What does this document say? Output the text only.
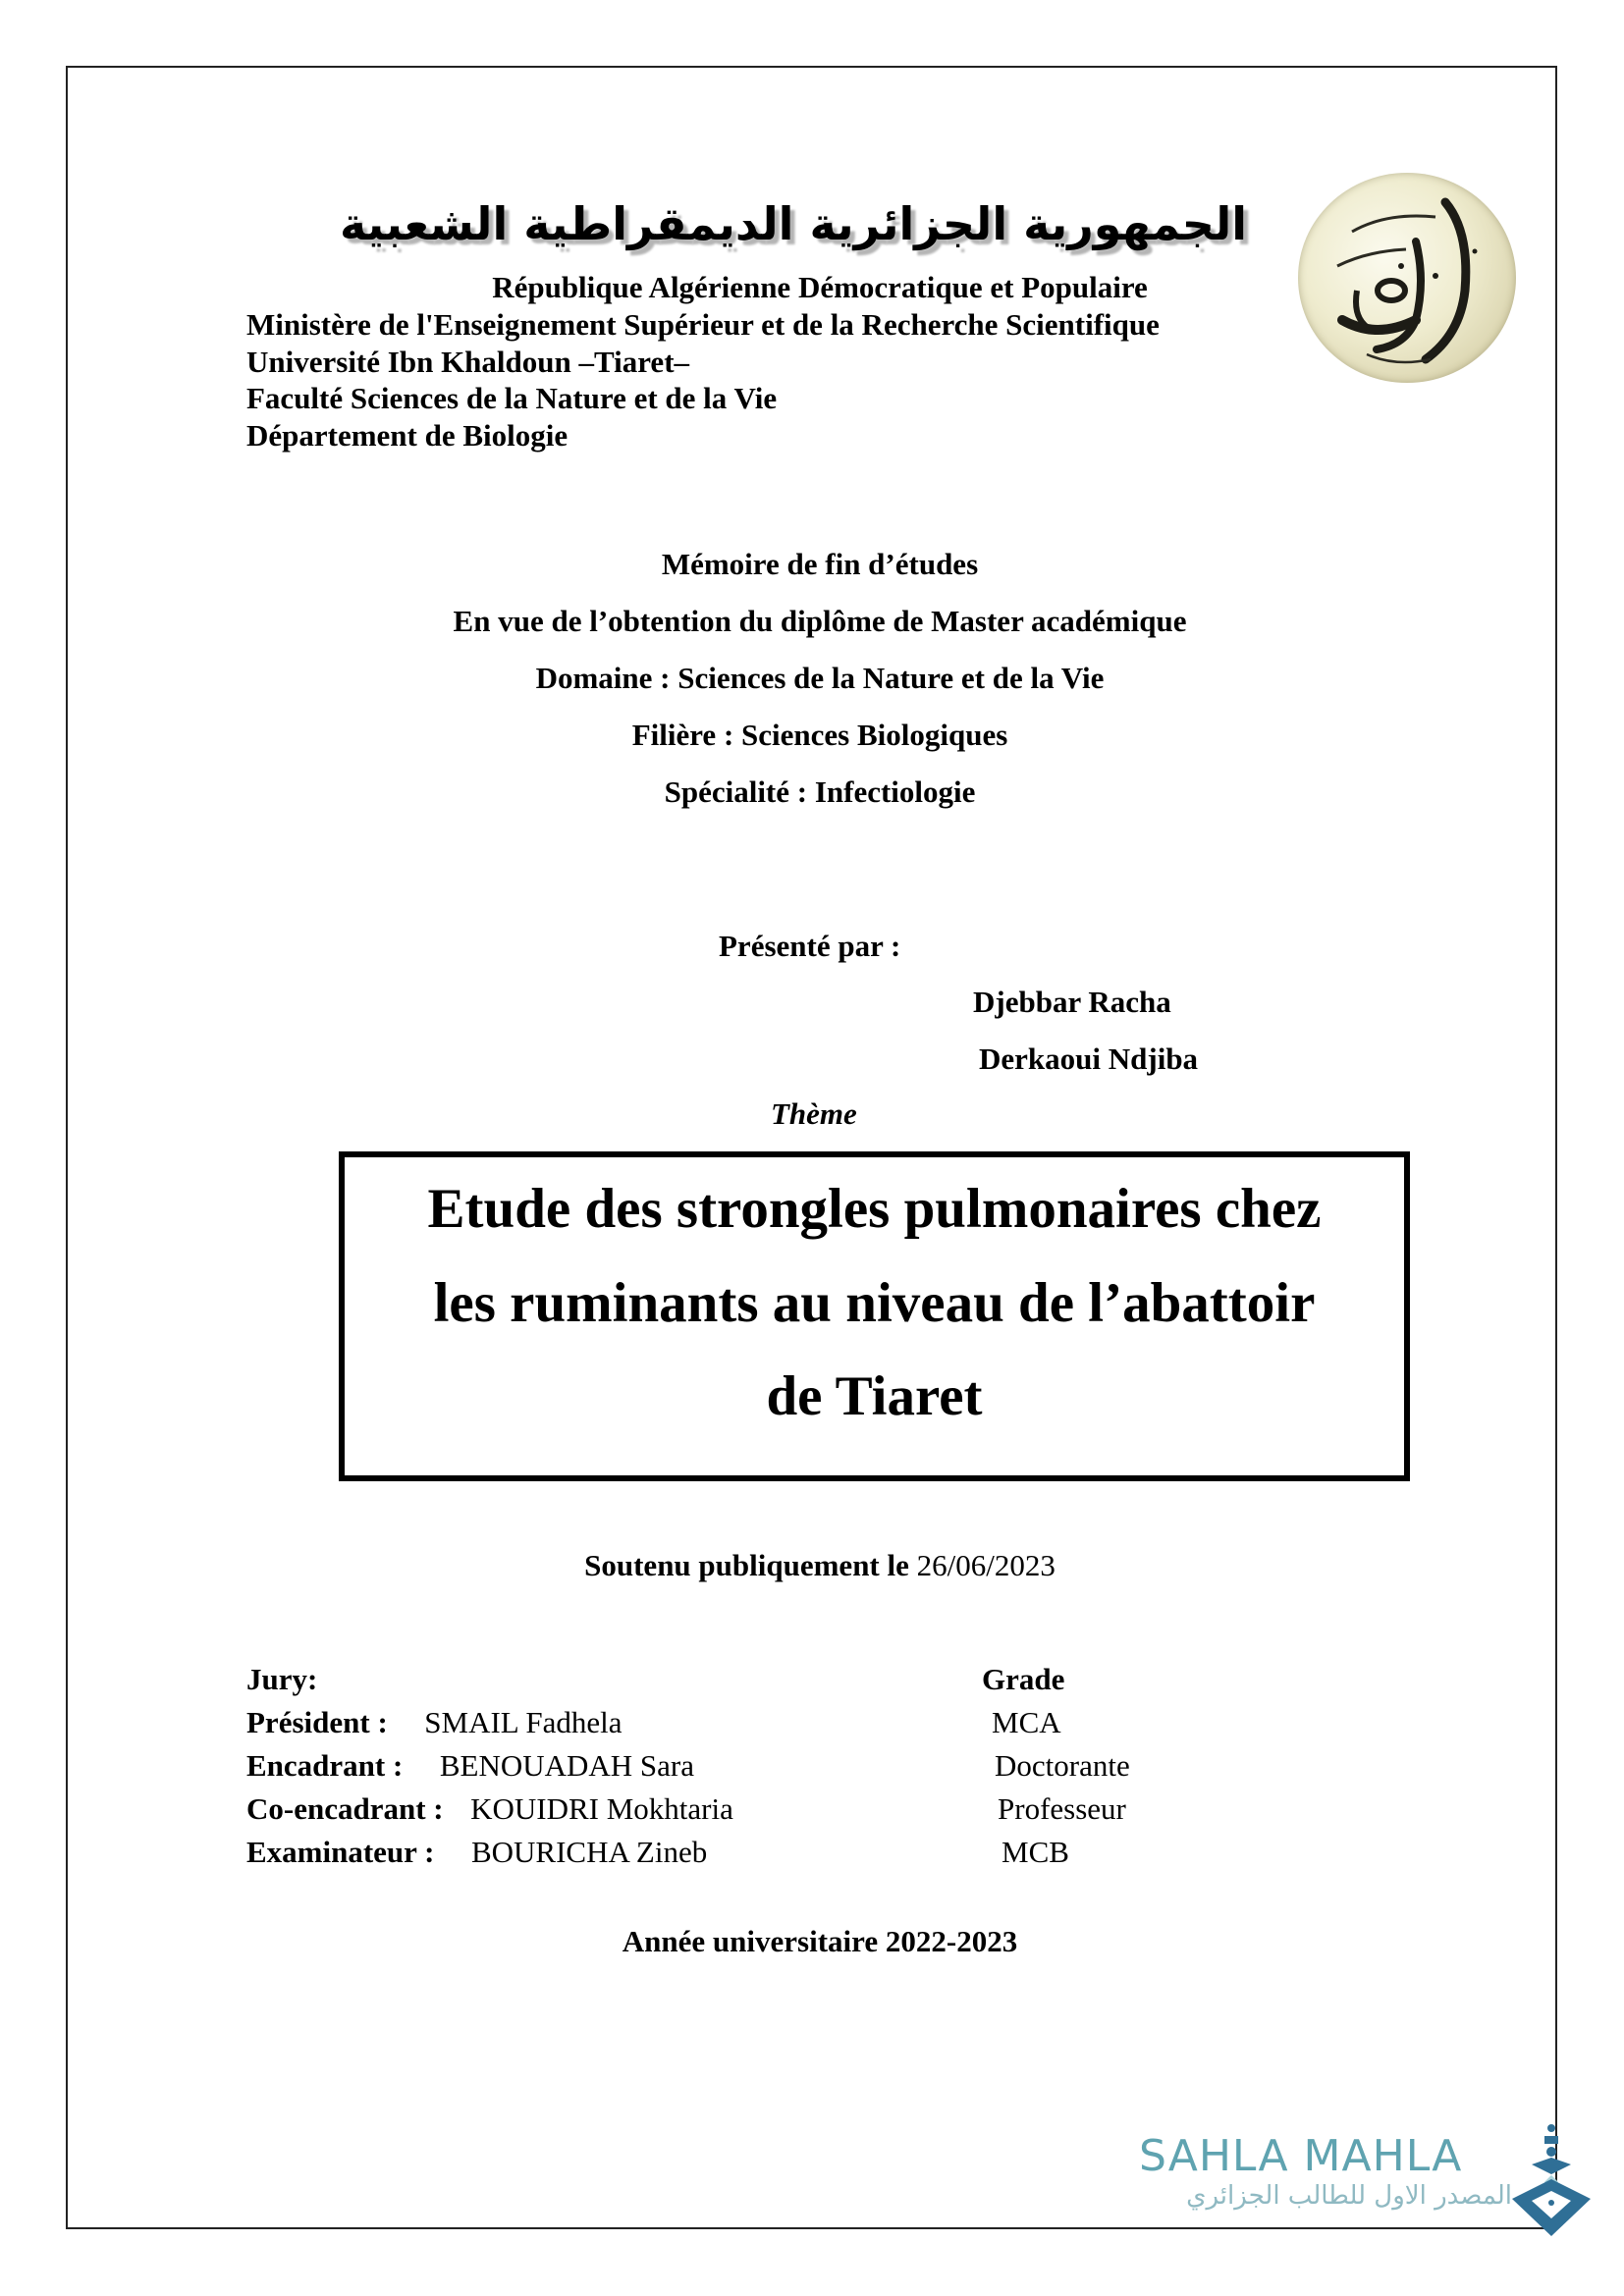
الجمهورية الجزائرية الديمقراطية الشعبية
République Algérienne Démocratique et Populaire
Ministère de l'Enseignement Supérieur et de la Recherche Scientifique
Université Ibn Khaldoun –Tiaret–
Faculté Sciences de la Nature et de la Vie
Département de Biologie
Mémoire de fin d’études
En vue de l’obtention du diplôme de Master académique
Domaine : Sciences de la Nature et de la Vie
Filière : Sciences Biologiques
Spécialité : Infectiologie
Présenté par :
Djebbar Racha
Derkaoui Ndjiba
Thème
Etude des strongles pulmonaires chez
les ruminants au niveau de l’abattoir
de Tiaret
Soutenu publiquement le 26/06/2023
Jury:	Grade
Président : SMAIL Fadhela	MCA
Encadrant : BENOUADAH Sara	Doctorante
Co-encadrant : KOUIDRI Mokhtaria	Professeur
Examinateur : BOURICHA Zineb	MCB
Année universitaire 2022-2023
SAHLA MAHLA
المصدر الاول للطالب الجزائري
